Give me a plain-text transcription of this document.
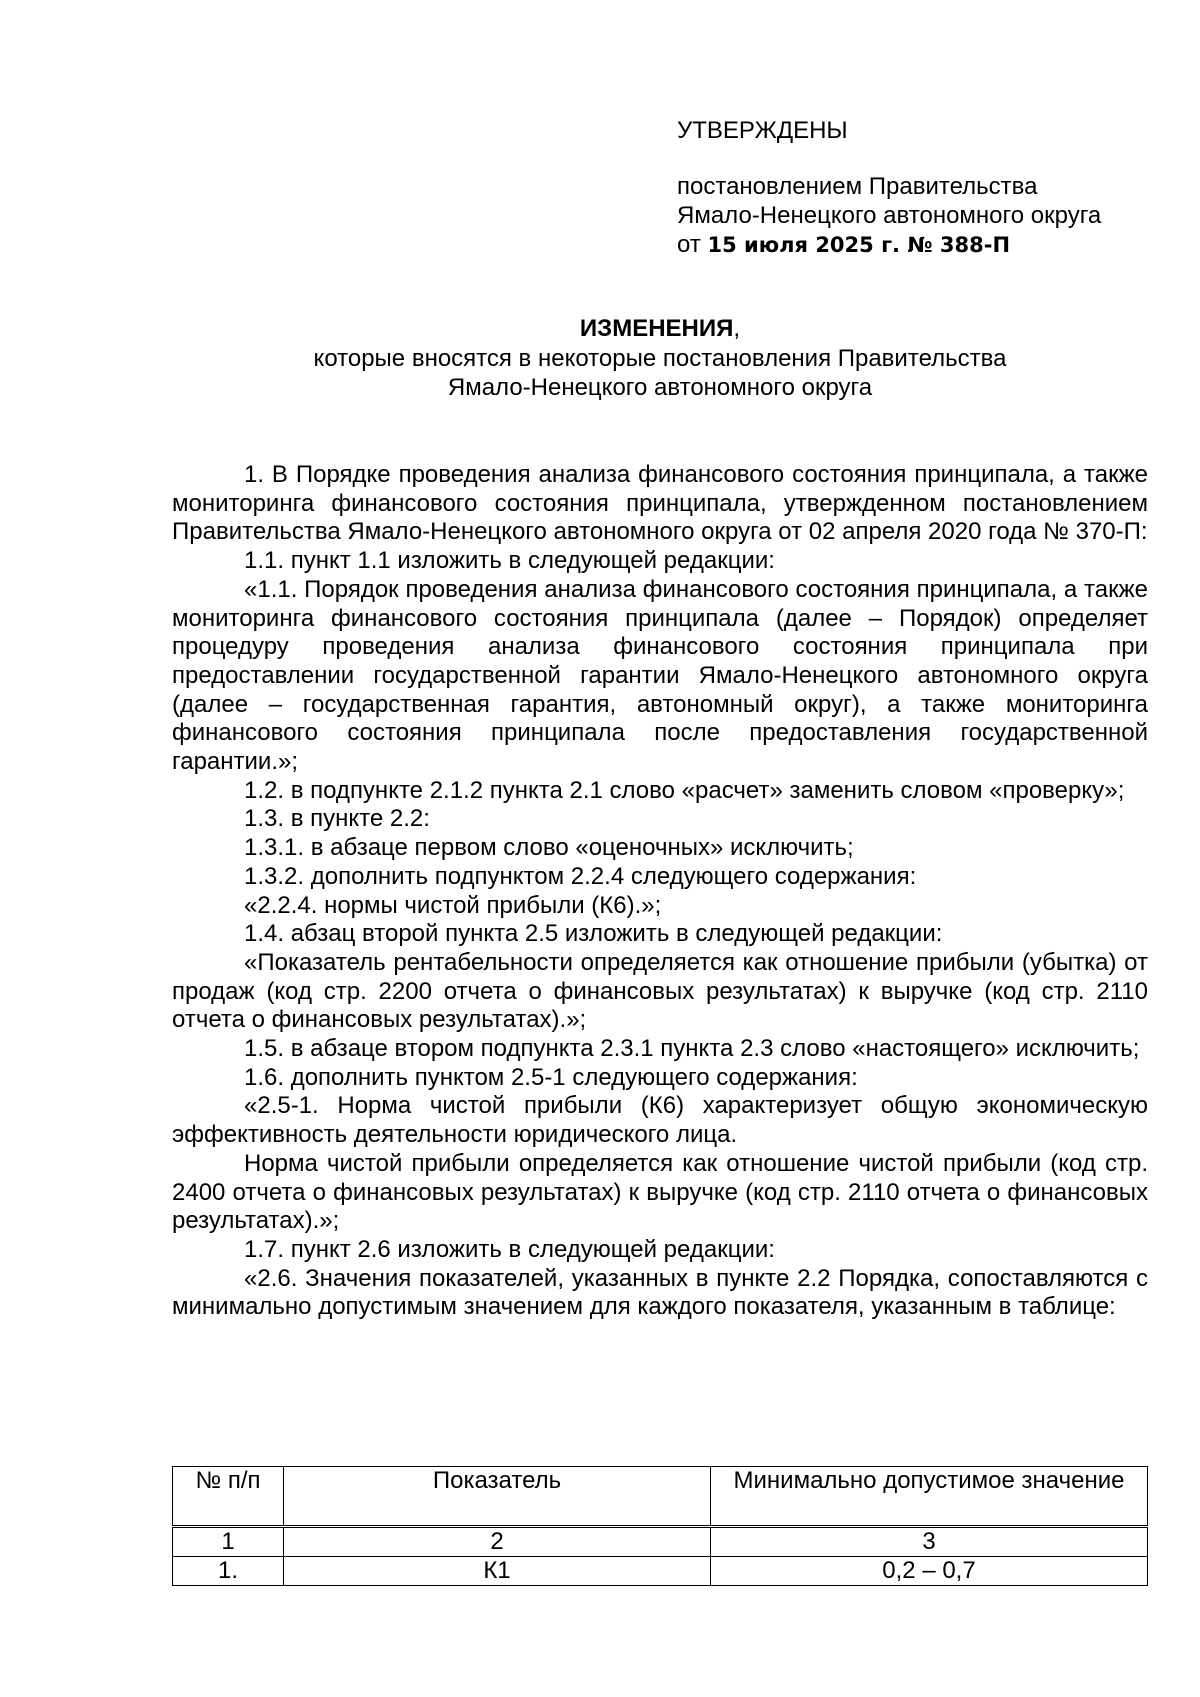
УТВЕРЖДЕНЫ
постановлением Правительства
Ямало-Ненецкого автономного округа
от 15 июля 2025 г. № 388-П
ИЗМЕНЕНИЯ,
которые вносятся в некоторые постановления Правительства
Ямало-Ненецкого автономного округа

1. В Порядке проведения анализа финансового состояния принципала, а также мониторинга финансового состояния принципала, утвержденном постановлением Правительства Ямало-Ненецкого автономного округа от 02 апреля 2020 года № 370-П:

1.1. пункт 1.1 изложить в следующей редакции:

«1.1. Порядок проведения анализа финансового состояния принципала, а также мониторинга финансового состояния принципала (далее – Порядок) определяет процедуру проведения анализа финансового состояния принципала при предоставлении государственной гарантии Ямало-Ненецкого автономного округа (далее – государственная гарантия, автономный округ), а также мониторинга финансового состояния принципала после предоставления государственной гарантии.»;

1.2. в подпункте 2.1.2 пункта 2.1 слово «расчет» заменить словом «проверку»;

1.3. в пункте 2.2:

1.3.1. в абзаце первом слово «оценочных» исключить;

1.3.2. дополнить подпунктом 2.2.4 следующего содержания:

«2.2.4. нормы чистой прибыли (К6).»;

1.4. абзац второй пункта 2.5 изложить в следующей редакции:

«Показатель рентабельности определяется как отношение прибыли (убытка) от продаж (код стр. 2200 отчета о финансовых результатах) к выручке (код стр. 2110 отчета о финансовых результатах).»;

1.5. в абзаце втором подпункта 2.3.1 пункта 2.3 слово «настоящего» исключить;

1.6. дополнить пунктом 2.5-1 следующего содержания:

«2.5-1. Норма чистой прибыли (К6) характеризует общую экономическую эффективность деятельности юридического лица.

Норма чистой прибыли определяется как отношение чистой прибыли (код стр. 2400 отчета о финансовых результатах) к выручке (код стр. 2110 отчета о финансовых результатах).»;

1.7. пункт 2.6 изложить в следующей редакции:

«2.6. Значения показателей, указанных в пункте 2.2 Порядка, сопоставляются с минимально допустимым значением для каждого показателя, указанным в таблице:

№ п/п	Показатель	Минимально допустимое значение
1	2	3
1.	К1	0,2 – 0,7
